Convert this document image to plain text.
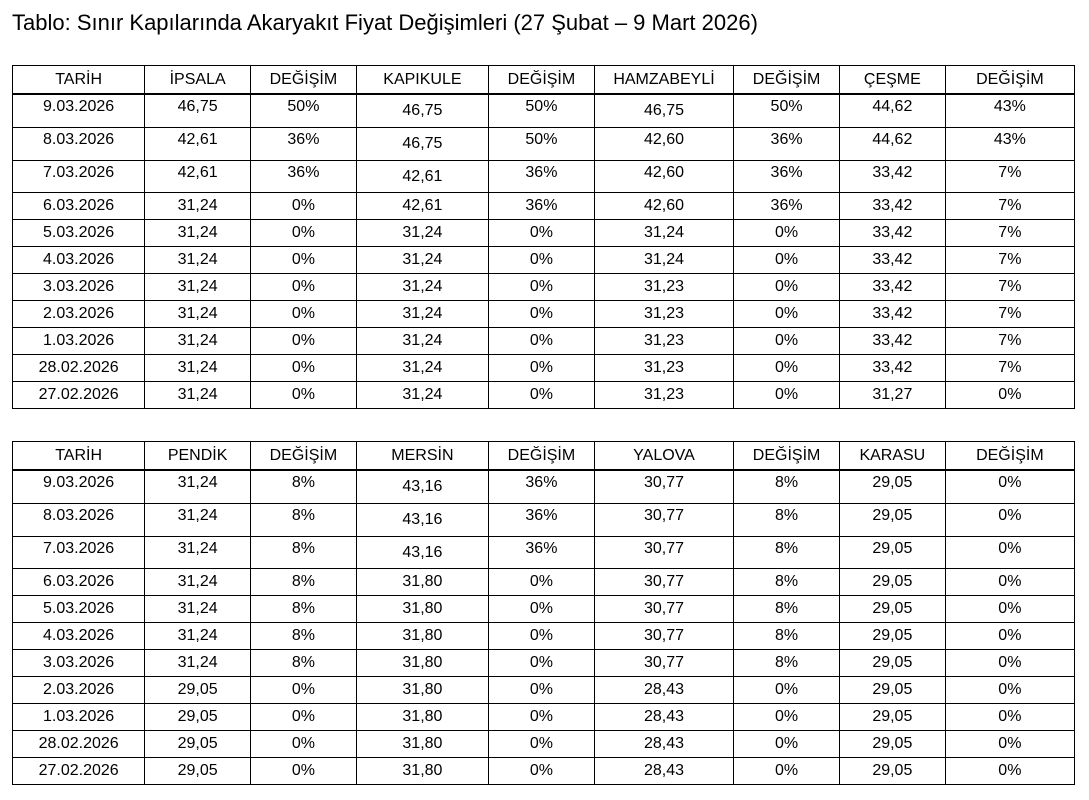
Tablo: Sınır Kapılarında Akaryakıt Fiyat Değişimleri (27 Şubat – 9 Mart 2026)
TARİH	İPSALA	DEĞİŞİM	KAPIKULE	DEĞİŞİM	HAMZABEYLİ	DEĞİŞİM	ÇEŞME	DEĞİŞİM
9.03.2026	46,75	50%	46,75	50%	46,75	50%	44,62	43%
8.03.2026	42,61	36%	46,75	50%	42,60	36%	44,62	43%
7.03.2026	42,61	36%	42,61	36%	42,60	36%	33,42	7%
6.03.2026	31,24	0%	42,61	36%	42,60	36%	33,42	7%
5.03.2026	31,24	0%	31,24	0%	31,24	0%	33,42	7%
4.03.2026	31,24	0%	31,24	0%	31,24	0%	33,42	7%
3.03.2026	31,24	0%	31,24	0%	31,23	0%	33,42	7%
2.03.2026	31,24	0%	31,24	0%	31,23	0%	33,42	7%
1.03.2026	31,24	0%	31,24	0%	31,23	0%	33,42	7%
28.02.2026	31,24	0%	31,24	0%	31,23	0%	33,42	7%
27.02.2026	31,24	0%	31,24	0%	31,23	0%	31,27	0%
TARİH	PENDİK	DEĞİŞİM	MERSİN	DEĞİŞİM	YALOVA	DEĞİŞİM	KARASU	DEĞİŞİM
9.03.2026	31,24	8%	43,16	36%	30,77	8%	29,05	0%
8.03.2026	31,24	8%	43,16	36%	30,77	8%	29,05	0%
7.03.2026	31,24	8%	43,16	36%	30,77	8%	29,05	0%
6.03.2026	31,24	8%	31,80	0%	30,77	8%	29,05	0%
5.03.2026	31,24	8%	31,80	0%	30,77	8%	29,05	0%
4.03.2026	31,24	8%	31,80	0%	30,77	8%	29,05	0%
3.03.2026	31,24	8%	31,80	0%	30,77	8%	29,05	0%
2.03.2026	29,05	0%	31,80	0%	28,43	0%	29,05	0%
1.03.2026	29,05	0%	31,80	0%	28,43	0%	29,05	0%
28.02.2026	29,05	0%	31,80	0%	28,43	0%	29,05	0%
27.02.2026	29,05	0%	31,80	0%	28,43	0%	29,05	0%
